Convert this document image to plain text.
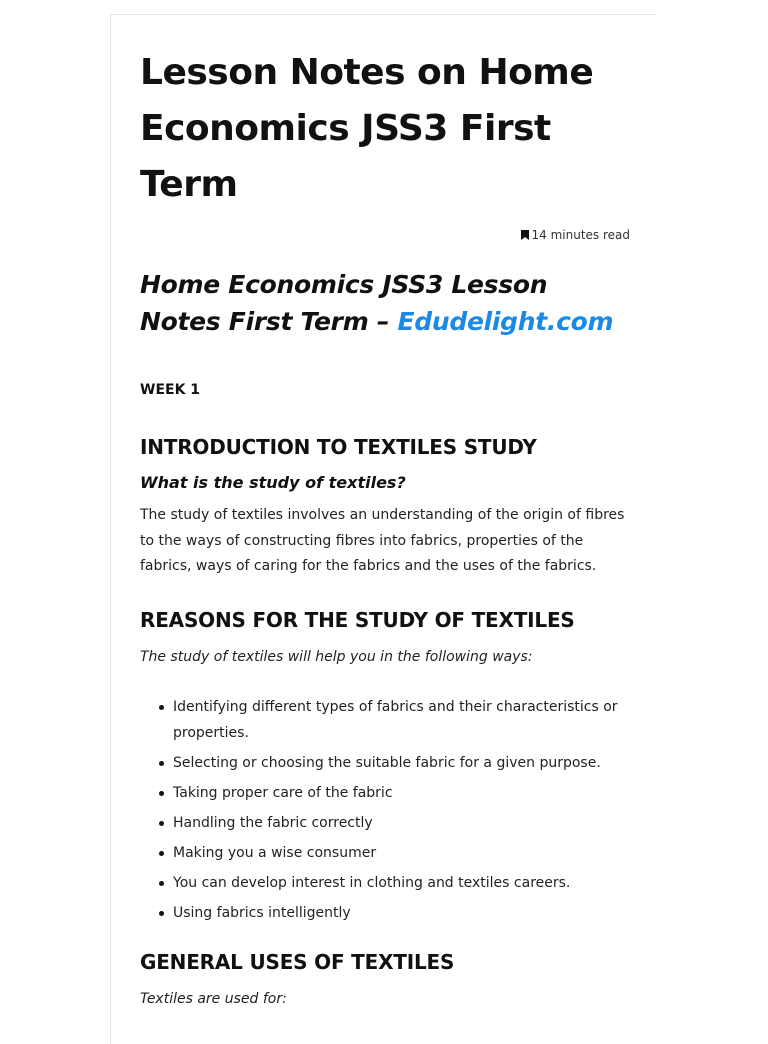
Lesson Notes on Home Economics JSS3 First Term
14 minutes read
Home Economics JSS3 Lesson Notes First Term – Edudelight.com
WEEK 1
INTRODUCTION TO TEXTILES STUDY
What is the study of textiles?

The study of textiles involves an understanding of the origin of fibres to the ways of constructing fibres into fabrics, properties of the fabrics, ways of caring for the fabrics and the uses of the fabrics.

REASONS FOR THE STUDY OF TEXTILES

The study of textiles will help you in the following ways:

Identifying different types of fabrics and their characteristics or properties.
Selecting or choosing the suitable fabric for a given purpose.
Taking proper care of the fabric
Handling the fabric correctly
Making you a wise consumer
You can develop interest in clothing and textiles careers.
Using fabrics intelligently
GENERAL USES OF TEXTILES

Textiles are used for:
